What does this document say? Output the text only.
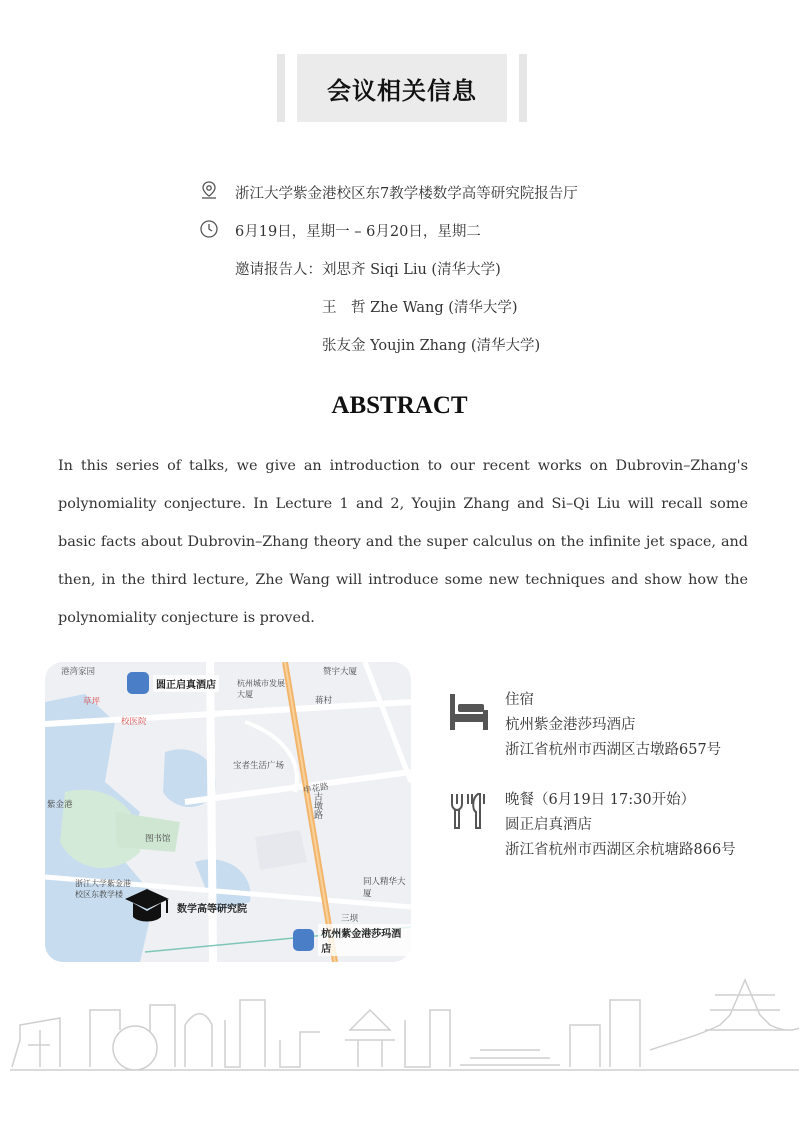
会议相关信息
浙江大学紫金港校区东7教学楼数学高等研究院报告厅
6月19日，星期一 – 6月20日，星期二
邀请报告人： 刘思齐 Siqi Liu (清华大学)
王　哲 Zhe Wang (清华大学)
张友金 Youjin Zhang (清华大学)
ABSTRACT
In this series of talks, we give an introduction to our recent works on Dubrovin–Zhang's polynomiality conjecture. In Lecture 1 and 2, Youjin Zhang and Si–Qi Liu will recall some basic facts about Dubrovin–Zhang theory and the super calculus on the infinite jet space, and then, in the third lecture, Zhe Wang will introduce some new techniques and show how the polynomiality conjecture is proved.
圆正启真酒店
杭州紫金港莎玛酒店
数学高等研究院
申花路
古墩路
蒋村
三坝
宝者生活广场
校医院
图书馆
港湾家园
草坪
杭州城市发展大厦
赞宇大厦
同人精华大厦
浙江大学紫金港校区东教学楼
紫金港
住宿
杭州紫金港莎玛酒店
浙江省杭州市西湖区古墩路657号
晚餐（6月19日 17:30开始）
圆正启真酒店
浙江省杭州市西湖区余杭塘路866号
